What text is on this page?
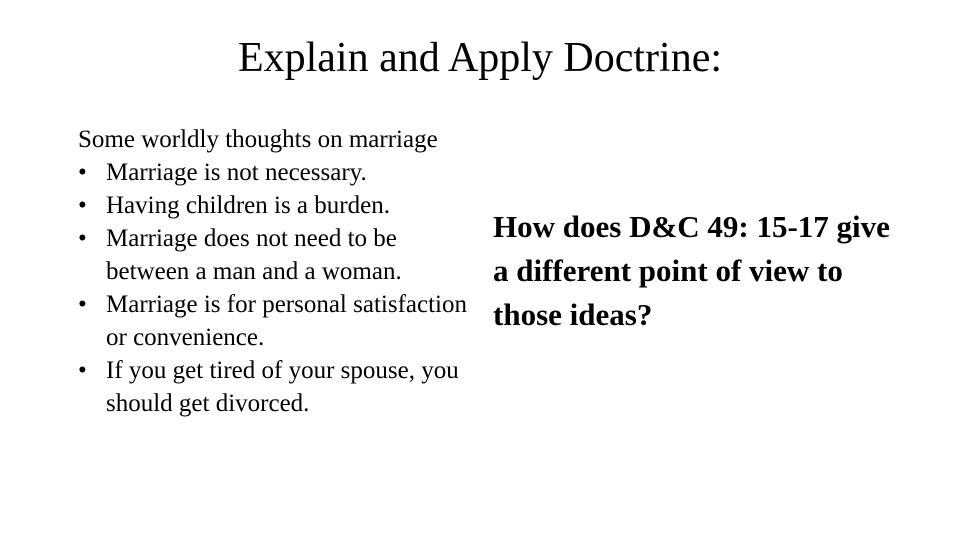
Explain and Apply Doctrine:

Some worldly thoughts on marriage

• Marriage is not necessary.
• Having children is a burden.
• Marriage does not need to be between a man and a woman.
• Marriage is for personal satisfaction or convenience.
• If you get tired of your spouse, you should get divorced.

How does D&C 49: 15-17 give a different point of view to those ideas?
